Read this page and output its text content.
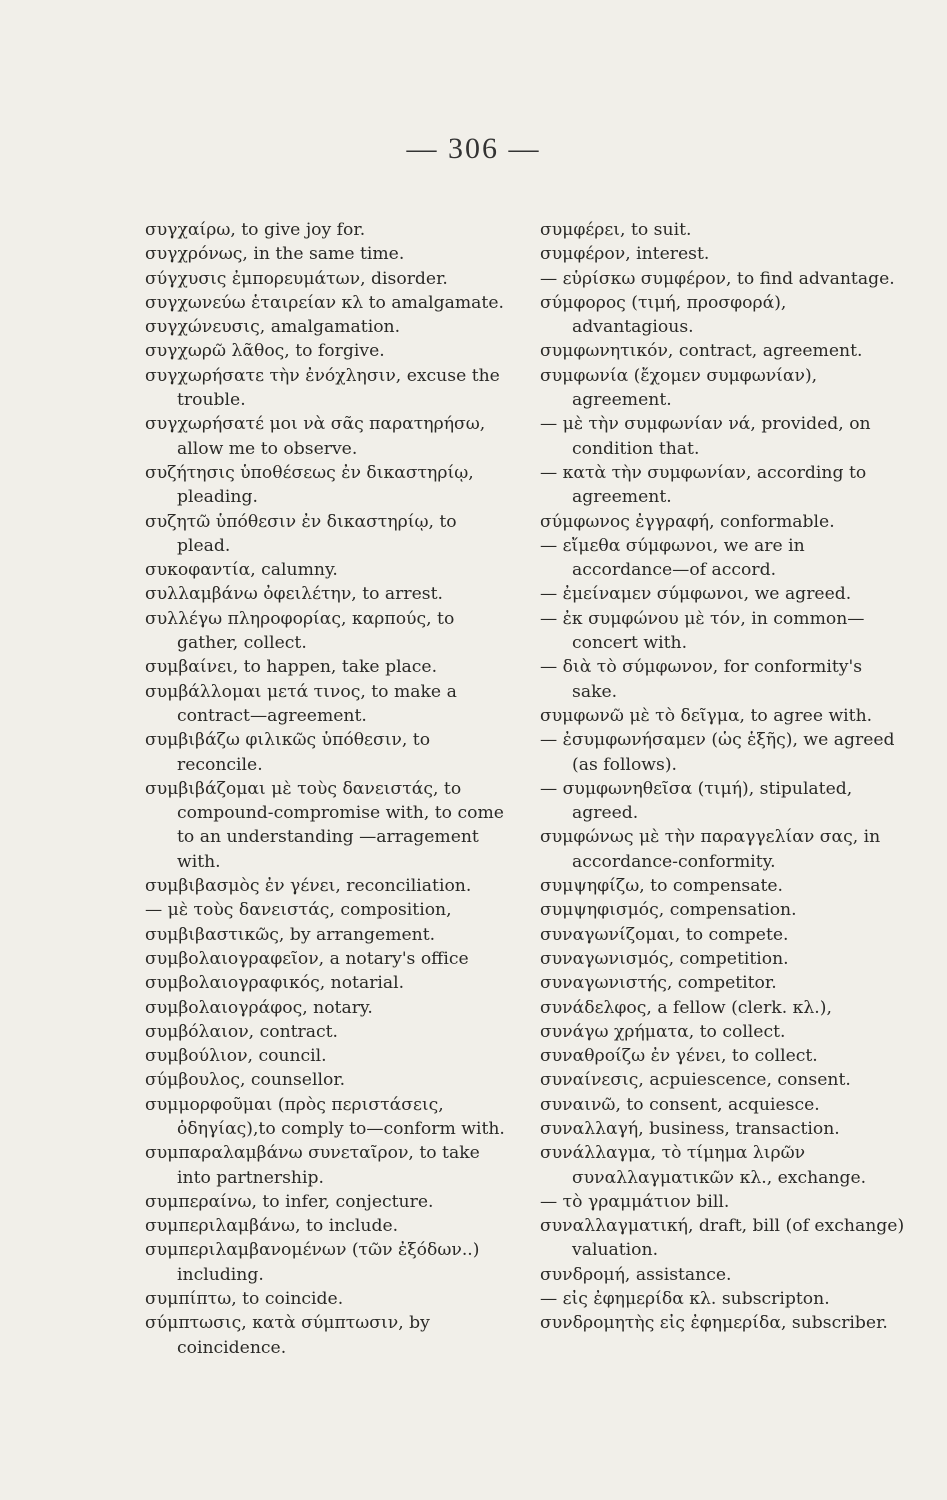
— 306 —
συγχαίρω, to give joy for.
συγχρόνως, in the same time.
σύγχυσις ἐμπορευμάτων, disorder.
συγχωνεύω ἑταιρείαν κλ to amalgamate.
συγχώνευσις, amalgamation.
συγχωρῶ λᾶθος, to forgive.
συγχωρήσατε τὴν ἐνόχλησιν, excuse the trouble.
συγχωρήσατέ μοι νὰ σᾶς παρατηρήσω, allow me to observe.
συζήτησις ὑποθέσεως ἐν δικαστηρίῳ, pleading.
συζητῶ ὑπόθεσιν ἐν δικαστηρίῳ, to plead.
συκοφαντία, calumny.
συλλαμβάνω ὀφειλέτην, to arrest.
συλλέγω πληροφορίας, καρπούς, to gather, collect.
συμβαίνει, to happen, take place.
συμβάλλομαι μετά τινος, to make a contract—agreement.
συμβιβάζω φιλικῶς ὑπόθεσιν, to reconcile.
συμβιβάζομαι μὲ τοὺς δανειστάς, to compound-compromise with, to come to an understanding —arragement with.
συμβιβασμὸς ἐν γένει, reconciliation.
— μὲ τοὺς δανειστάς, composition,
συμβιβαστικῶς, by arrangement.
συμβολαιογραφεῖον, a notary's office
συμβολαιογραφικός, notarial.
συμβολαιογράφος, notary.
συμβόλαιον, contract.
συμβούλιον, council.
σύμβουλος, counsellor.
συμμορφοῦμαι (πρὸς περιστάσεις, ὁδηγίας),to comply to—conform with.
συμπαραλαμβάνω συνεταῖρον, to take into partnership.
συμπεραίνω, to infer, conjecture.
συμπεριλαμβάνω, to include.
συμπεριλαμβανομένων (τῶν ἐξόδων..) including.
συμπίπτω, to coincide.
σύμπτωσις, κατὰ σύμπτωσιν, by coincidence.
συμφέρει, to suit.
συμφέρον, interest.
— εὑρίσκω συμφέρον, to find advantage.
σύμφορος (τιμή, προσφορά), advantagious.
συμφωνητικόν, contract, agreement.
συμφωνία (ἔχομεν συμφωνίαν), agreement.
— μὲ τὴν συμφωνίαν νά, provided, on condition that.
— κατὰ τὴν συμφωνίαν, according to agreement.
σύμφωνος ἐγγραφή, conformable.
— εἴμεθα σύμφωνοι, we are in accordance—of accord.
— ἐμείναμεν σύμφωνοι, we agreed.
— ἐκ συμφώνου μὲ τόν, in common—concert with.
— διὰ τὸ σύμφωνον, for conformity's sake.
συμφωνῶ μὲ τὸ δεῖγμα, to agree with.
— ἐσυμφωνήσαμεν (ὡς ἑξῆς), we agreed (as follows).
— συμφωνηθεῖσα (τιμή), stipulated, agreed.
συμφώνως μὲ τὴν παραγγελίαν σας, in accordance-conformity.
συμψηφίζω, to compensate.
συμψηφισμός, compensation.
συναγωνίζομαι, to compete.
συναγωνισμός, competition.
συναγωνιστής, competitor.
συνάδελφος, a fellow (clerk. κλ.),
συνάγω χρήματα, to collect.
συναθροίζω ἐν γένει, to collect.
συναίνεσις, acpuiescence, consent.
συναινῶ, to consent, acquiesce.
συναλλαγή, business, transaction.
συνάλλαγμα, τὸ τίμημα λιρῶν συναλλαγματικῶν κλ., exchange.
— τὸ γραμμάτιον bill.
συναλλαγματική, draft, bill (of exchange) valuation.
συνδρομή, assistance.
— εἰς ἐφημερίδα κλ. subscripton.
συνδρομητὴς εἰς ἐφημερίδα, subscriber.
